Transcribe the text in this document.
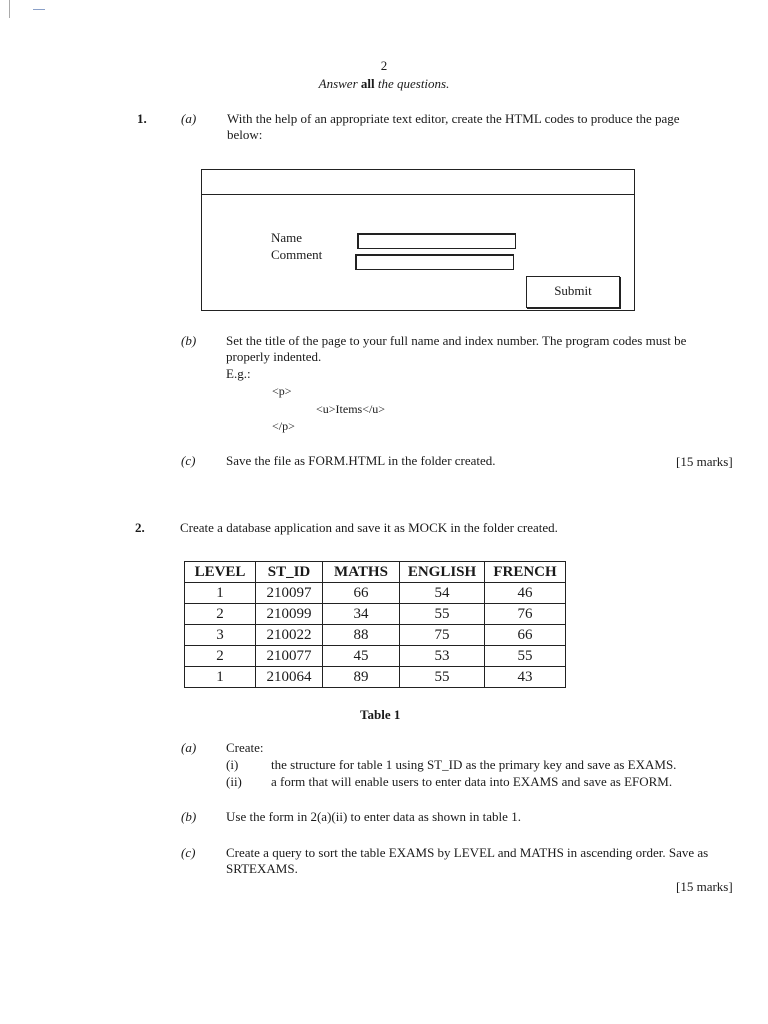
2
Answer all the questions.
1.	(a) With the help of an appropriate text editor, create the HTML codes to produce the page below:
Name
Comment
Submit
(b) Set the title of the page to your full name and index number. The program codes must be properly indented.
E.g.:
<p>
<u>Items</u>
</p>
(c) Save the file as FORM.HTML in the folder created.	[15 marks]
2.	Create a database application and save it as MOCK in the folder created.
LEVEL	ST_ID	MATHS	ENGLISH	FRENCH
1	210097	66	54	46
2	210099	34	55	76
3	210022	88	75	66
2	210077	45	53	55
1	210064	89	55	43
Table 1
(a) Create:
(i)	the structure for table 1 using ST_ID as the primary key and save as EXAMS.
(ii) a form that will enable users to enter data into EXAMS and save as EFORM.
(b) Use the form in 2(a)(ii) to enter data as shown in table 1.
(c) Create a query to sort the table EXAMS by LEVEL and MATHS in ascending order. Save as SRTEXAMS.
[15 marks]
